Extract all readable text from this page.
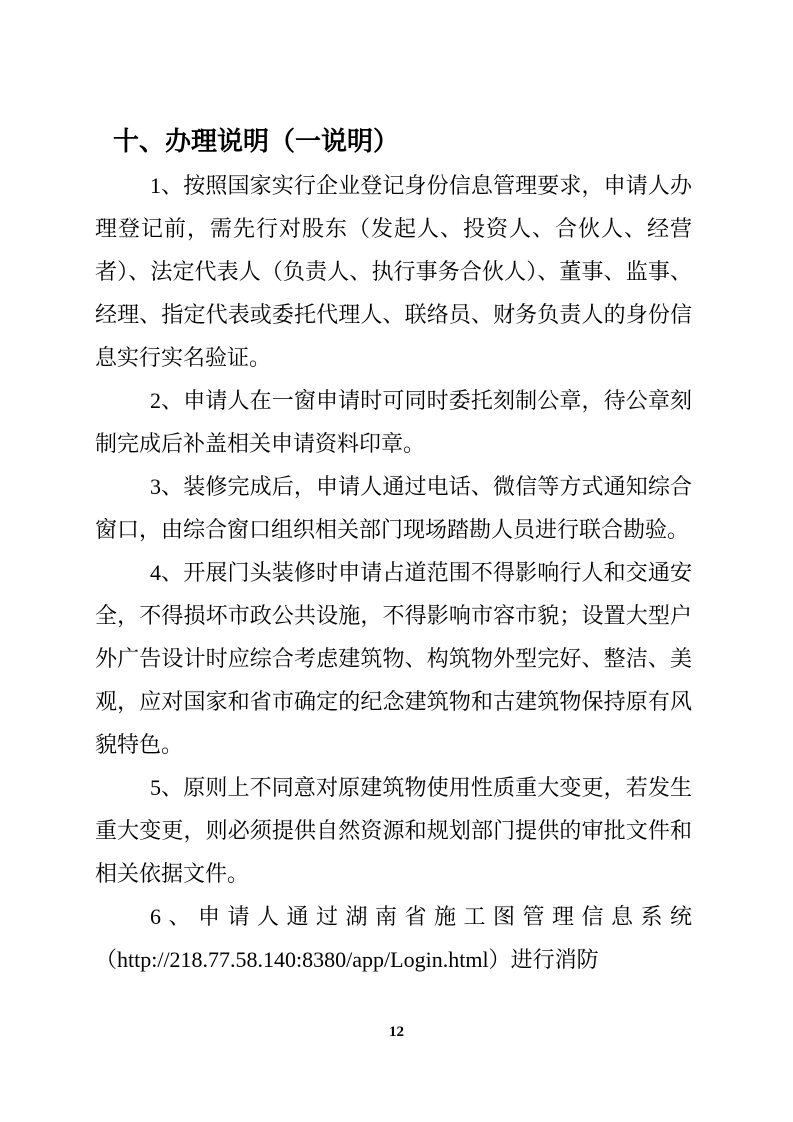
十、办理说明（一说明）

1、按照国家实行企业登记身份信息管理要求，申请人办理登记前，需先行对股东（发起人、投资人、合伙人、经营者）、法定代表人（负责人、执行事务合伙人）、董事、监事、经理、指定代表或委托代理人、联络员、财务负责人的身份信息实行实名验证。

2、申请人在一窗申请时可同时委托刻制公章，待公章刻制完成后补盖相关申请资料印章。

3、装修完成后，申请人通过电话、微信等方式通知综合窗口，由综合窗口组织相关部门现场踏勘人员进行联合勘验。

4、开展门头装修时申请占道范围不得影响行人和交通安全，不得损坏市政公共设施，不得影响市容市貌；设置大型户外广告设计时应综合考虑建筑物、构筑物外型完好、整洁、美观，应对国家和省市确定的纪念建筑物和古建筑物保持原有风貌特色。

5、原则上不同意对原建筑物使用性质重大变更，若发生重大变更，则必须提供自然资源和规划部门提供的审批文件和相关依据文件。

6、申请人通过湖南省施工图管理信息系统（http://218.77.58.140:8380/app/Login.html）进行消防

12
